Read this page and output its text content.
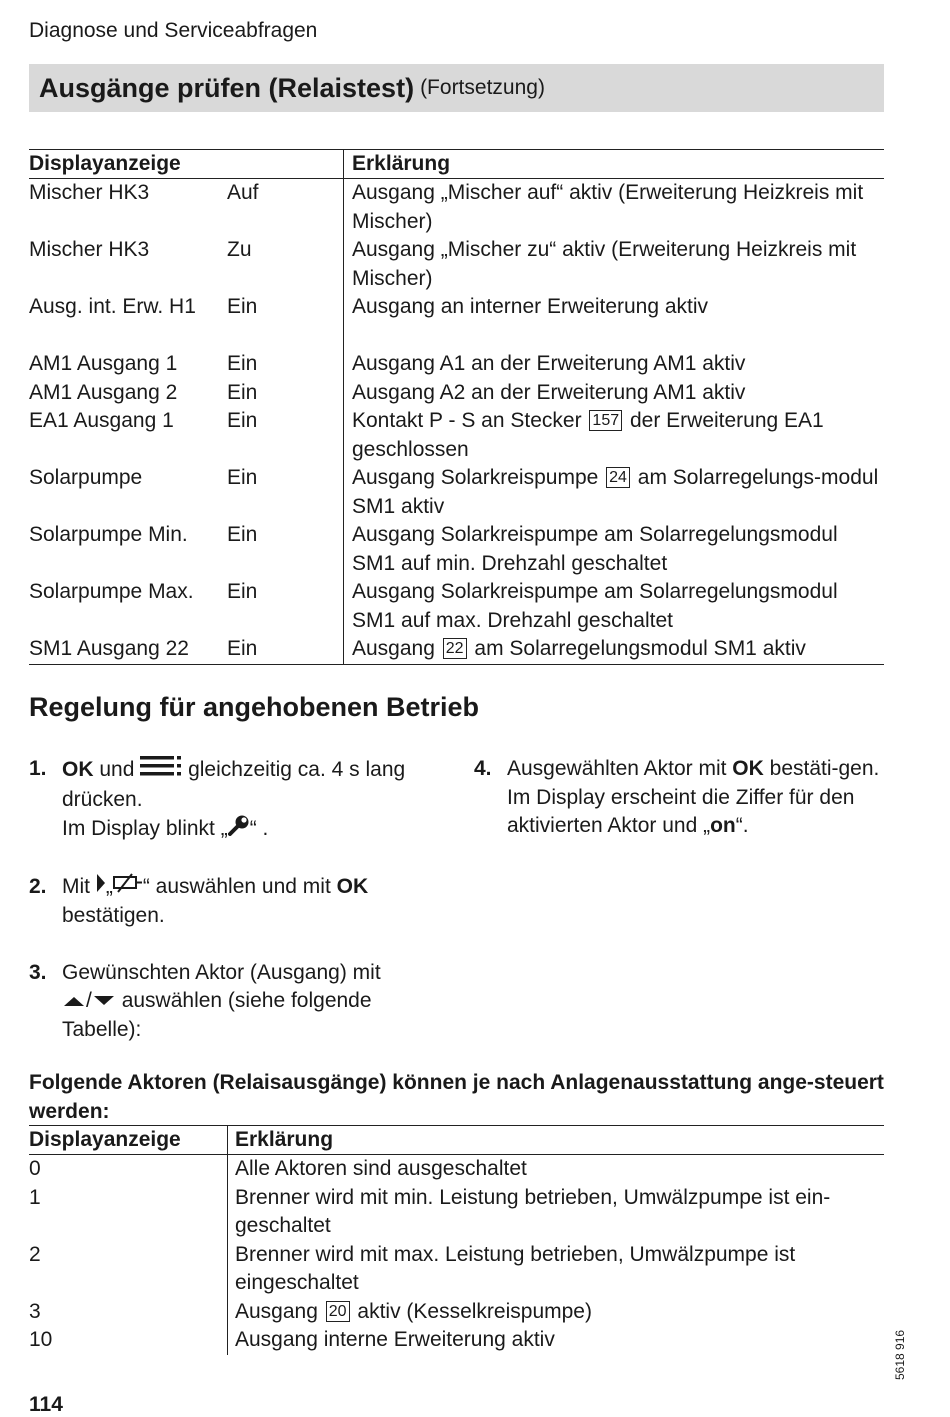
Diagnose und Serviceabfragen
Ausgänge prüfen (Relaistest) (Fortsetzung)
Displayanzeige	Erklärung
Mischer HK3	Auf	Ausgang „Mischer auf“ aktiv (Erweiterung Heizkreis mit Mischer)
Mischer HK3	Zu	Ausgang „Mischer zu“ aktiv (Erweiterung Heizkreis mit Mischer)
Ausg. int. Erw. H1	Ein	Ausgang an interner Erweiterung aktiv
AM1 Ausgang 1	Ein	Ausgang A1 an der Erweiterung AM1 aktiv
AM1 Ausgang 2	Ein	Ausgang A2 an der Erweiterung AM1 aktiv
EA1 Ausgang 1	Ein	Kontakt P - S an Stecker 157 der Erweiterung EA1 geschlossen
Solarpumpe	Ein	Ausgang Solarkreispumpe 24 am Solarregelungs-modul SM1 aktiv
Solarpumpe Min.	Ein	Ausgang Solarkreispumpe am Solarregelungsmodul SM1 auf min. Drehzahl geschaltet
Solarpumpe Max.	Ein	Ausgang Solarkreispumpe am Solarregelungsmodul SM1 auf max. Drehzahl geschaltet
SM1 Ausgang 22	Ein	Ausgang 22 am Solarregelungsmodul SM1 aktiv
Regelung für angehobenen Betrieb
1. OK und	gleichzeitig ca. 4 s lang drücken.
Im Display blinkt „ “ .
2. Mit „ “ auswählen und mit OK
bestätigen.
3. Gewünschten Aktor (Ausgang) mit
/ auswählen (siehe folgende Tabelle):
4. Ausgewählten Aktor mit OK bestäti-gen.
Im Display erscheint die Ziffer für den aktivierten Aktor und „on“.
Folgende Aktoren (Relaisausgänge) können je nach Anlagenausstattung ange-steuert werden:
Displayanzeige	Erklärung
0	Alle Aktoren sind ausgeschaltet
1	Brenner wird mit min. Leistung betrieben, Umwälzpumpe ist ein-geschaltet
2	Brenner wird mit max. Leistung betrieben, Umwälzpumpe ist eingeschaltet
3	Ausgang 20 aktiv (Kesselkreispumpe)
10	Ausgang interne Erweiterung aktiv	5618 916
114
